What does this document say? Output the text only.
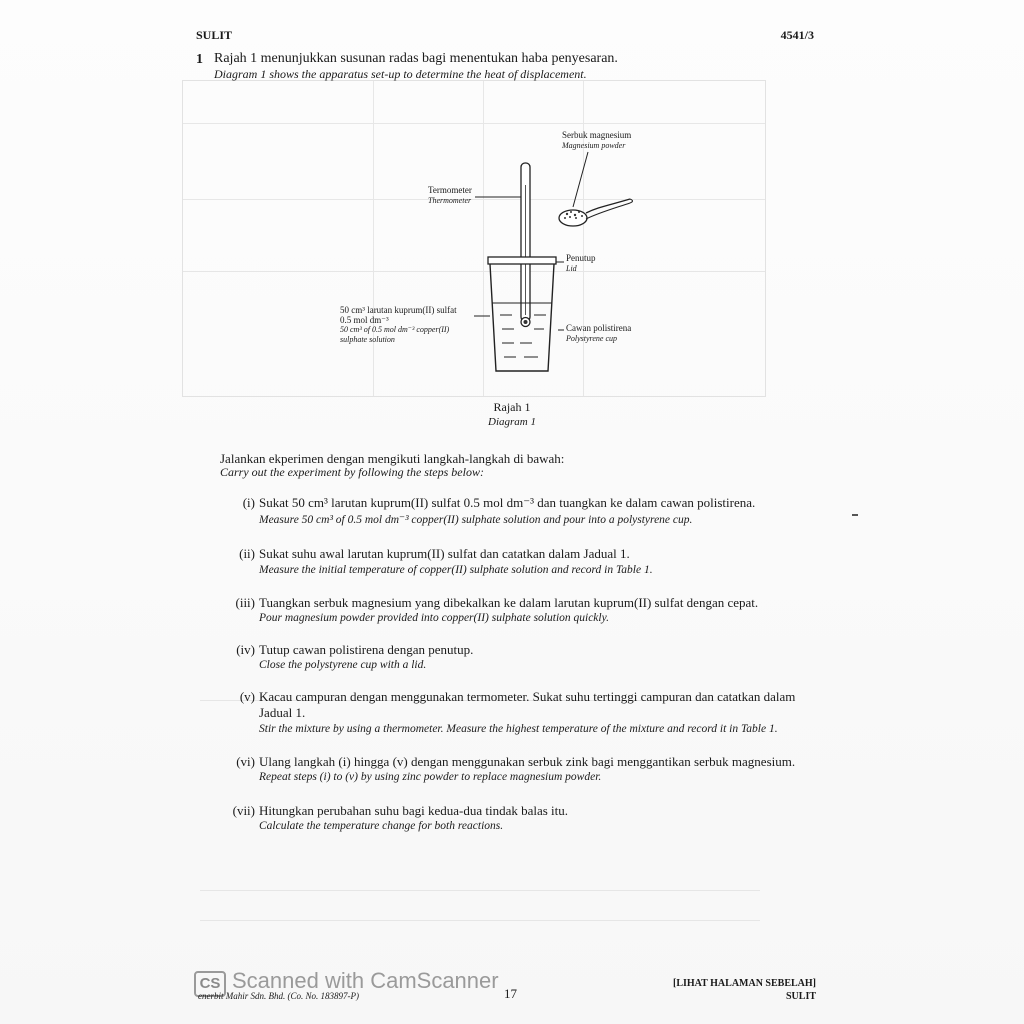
SULIT	4541/3
1 Rajah 1 menunjukkan susunan radas bagi menentukan haba penyesaran.
Diagram 1 shows the apparatus set-up to determine the heat of displacement.
Serbuk magnesium
Magnesium powder
Termometer
Thermometer
Penutup
Lid
Cawan polistirena
Polystyrene cup
50 cm³ larutan kuprum(II) sulfat
0.5 mol dm⁻³
50 cm³ of 0.5 mol dm⁻³ copper(II)
sulphate solution
Rajah 1
Diagram 1
Jalankan ekperimen dengan mengikuti langkah-langkah di bawah:
Carry out the experiment by following the steps below:
(i) Sukat 50 cm³ larutan kuprum(II) sulfat 0.5 mol dm⁻³ dan tuangkan ke dalam cawan polistirena.
Measure 50 cm³ of 0.5 mol dm⁻³ copper(II) sulphate solution and pour into a polystyrene cup.
(ii) Sukat suhu awal larutan kuprum(II) sulfat dan catatkan dalam Jadual 1.
Measure the initial temperature of copper(II) sulphate solution and record in Table 1.
(iii) Tuangkan serbuk magnesium yang dibekalkan ke dalam larutan kuprum(II) sulfat dengan cepat.
Pour magnesium powder provided into copper(II) sulphate solution quickly.
(iv) Tutup cawan polistirena dengan penutup.
Close the polystyrene cup with a lid.
(v) Kacau campuran dengan menggunakan termometer. Sukat suhu tertinggi campuran dan catatkan dalam Jadual 1.
Stir the mixture by using a thermometer. Measure the highest temperature of the mixture and record it in Table 1.
(vi) Ulang langkah (i) hingga (v) dengan menggunakan serbuk zink bagi menggantikan serbuk magnesium.
Repeat steps (i) to (v) by using zinc powder to replace magnesium powder.
(vii) Hitungkan perubahan suhu bagi kedua-dua tindak balas itu.
Calculate the temperature change for both reactions.
CS Scanned with CamScanner
enerbit Mahir Sdn. Bhd. (Co. No. 183897-P)	17
[LIHAT HALAMAN SEBELAH]
SULIT
